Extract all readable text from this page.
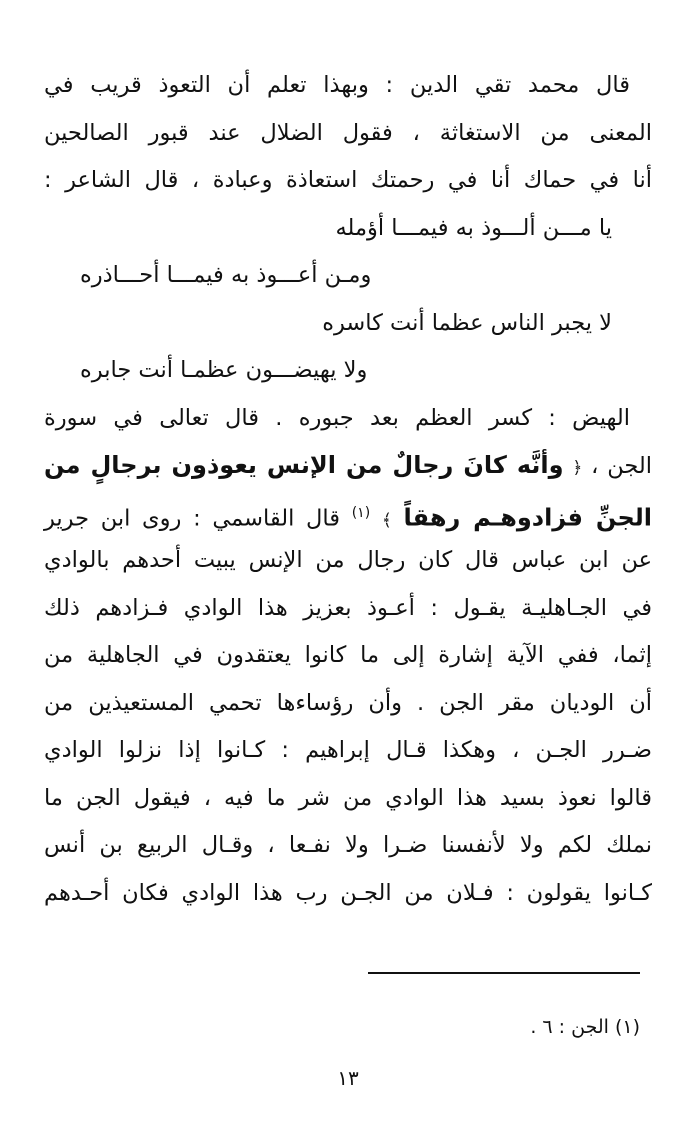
قال محمد تقي الدين : وبهذا تعلم أن التعوذ قريب في
المعنى من الاستغاثة ، فقول الضلال عند قبور الصالحين
أنا في حماك أنا في رحمتك استعاذة وعبادة ، قال الشاعر :
يا مـــن ألـــوذ به فيمـــا أؤمله
ومـن أعـــوذ به فيمـــا أحـــاذره
لا يجبر الناس عظما أنت كاسره
ولا يهيضـــون عظمـا أنت جابره
الهيض : كسر العظم بعد جبوره . قال تعالى في سورة
الجن ، ﴿ وأنَّه كانَ رجالٌ من الإنس يعوذون برجالٍ من
الجنِّ فزادوهـم رهقاً ﴾ $^{(١)}$ قال القاسمي : روى ابن جرير
عن ابن عباس قال كان رجال من الإنس يبيت أحدهم بالوادي
في الجـاهليـة يقـول : أعـوذ بعزيز هذا الوادي فـزادهم ذلك
إثما، ففي الآية إشارة إلى ما كانوا يعتقدون في الجاهلية من
أن الوديان مقر الجن . وأن رؤساءها تحمي المستعيذين من
ضـرر الجـن ، وهكذا قـال إبراهيم : كـانوا إذا نزلوا الوادي
قالوا نعوذ بسيد هذا الوادي من شر ما فيه ، فيقول الجن ما
نملك لكم ولا لأنفسنا ضـرا ولا نفـعا ، وقـال الربيع بن أنس
كـانوا يقولون : فـلان من الجـن رب هذا الوادي فكان أحـدهم
(١) الجن : ٦ .
١٣
